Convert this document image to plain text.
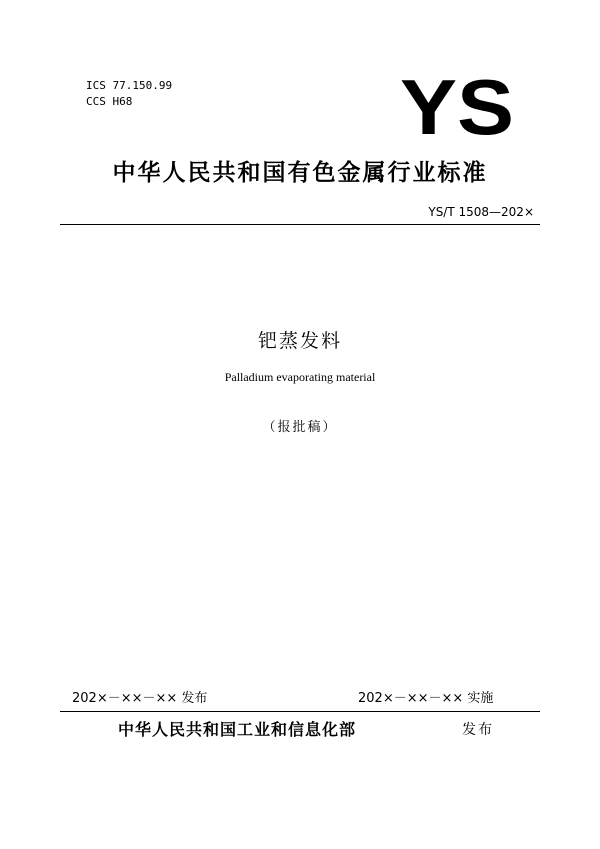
ICS 77.150.99
CCS H68	YS
中华人民共和国有色金属行业标准
YS/T 1508—202×
钯蒸发料
Palladium evaporating material
（报批稿）
202×－××－×× 发布	202×－××－×× 实施
中华人民共和国工业和信息化部	发布
